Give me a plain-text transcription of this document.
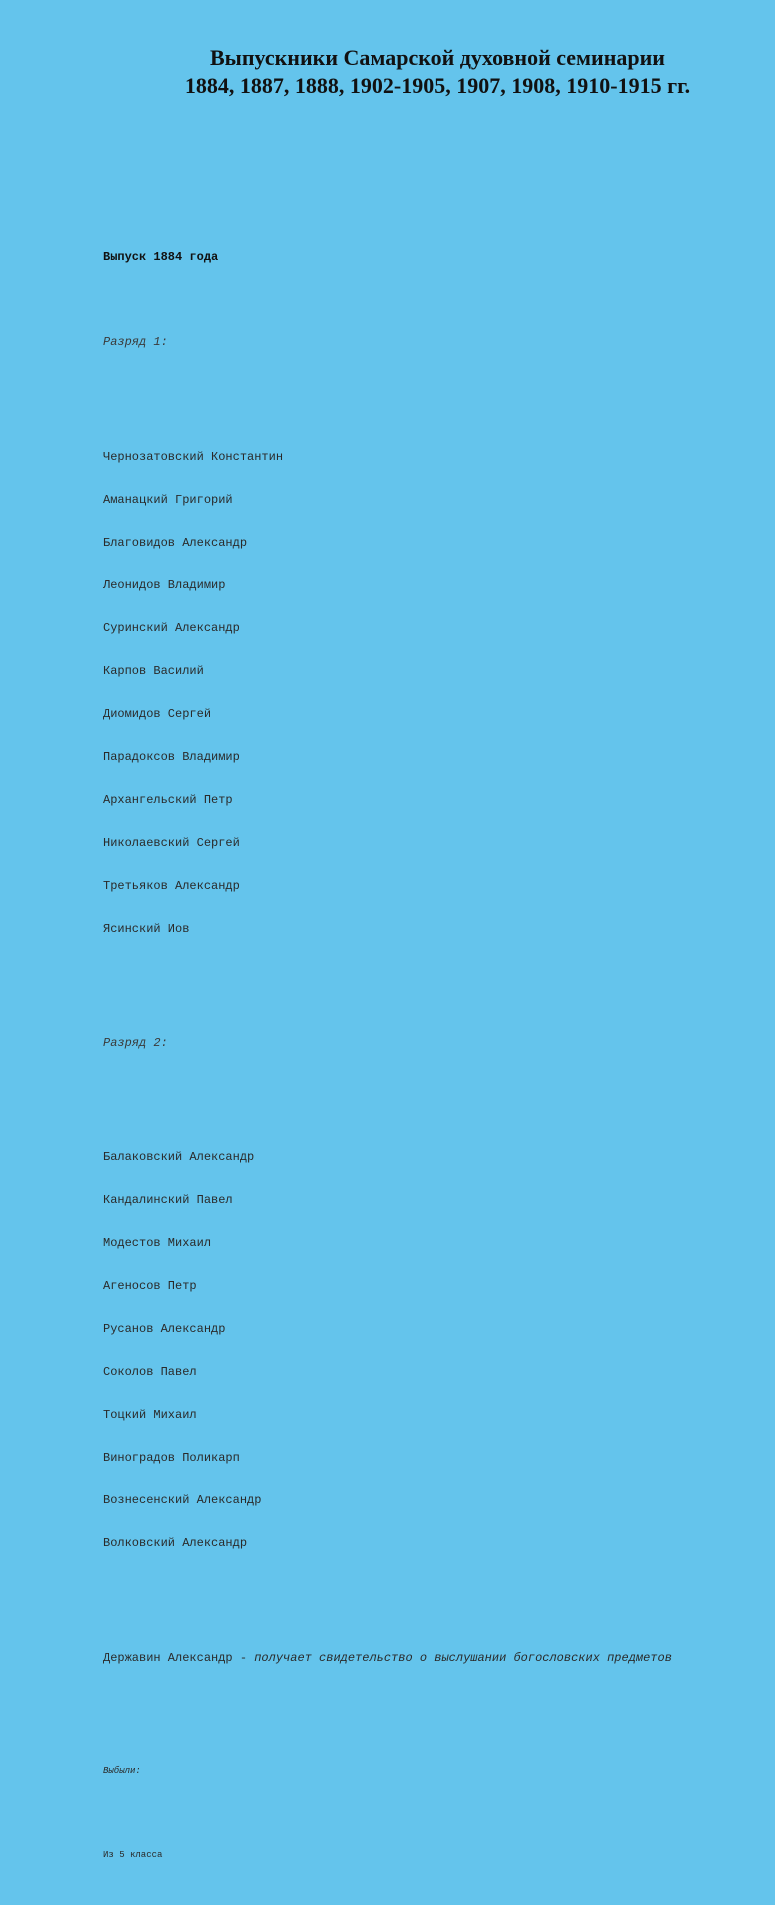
Выпускники Самарской духовной семинарии
1884, 1887, 1888, 1902-1905, 1907, 1908, 1910-1915 гг.

Выпуск 1884 года

Разряд 1:

Чернозатовский Константин

Аманацкий Григорий

Благовидов Александр

Леонидов Владимир

Суринский Александр

Карпов Василий

Диомидов Сергей

Парадоксов Владимир

Архангельский Петр

Николаевский Сергей

Третьяков Александр

Ясинский Иов

Разряд 2:

Балаковский Александр

Кандалинский Павел

Модестов Михаил

Агеносов Петр

Русанов Александр

Соколов Павел

Тоцкий Михаил

Виноградов Поликарп

Вознесенский Александр

Волковский Александр

Державин Александр - получает свидетельство о выслушании богословских предметов

Выбыли:

Из 5 класса
